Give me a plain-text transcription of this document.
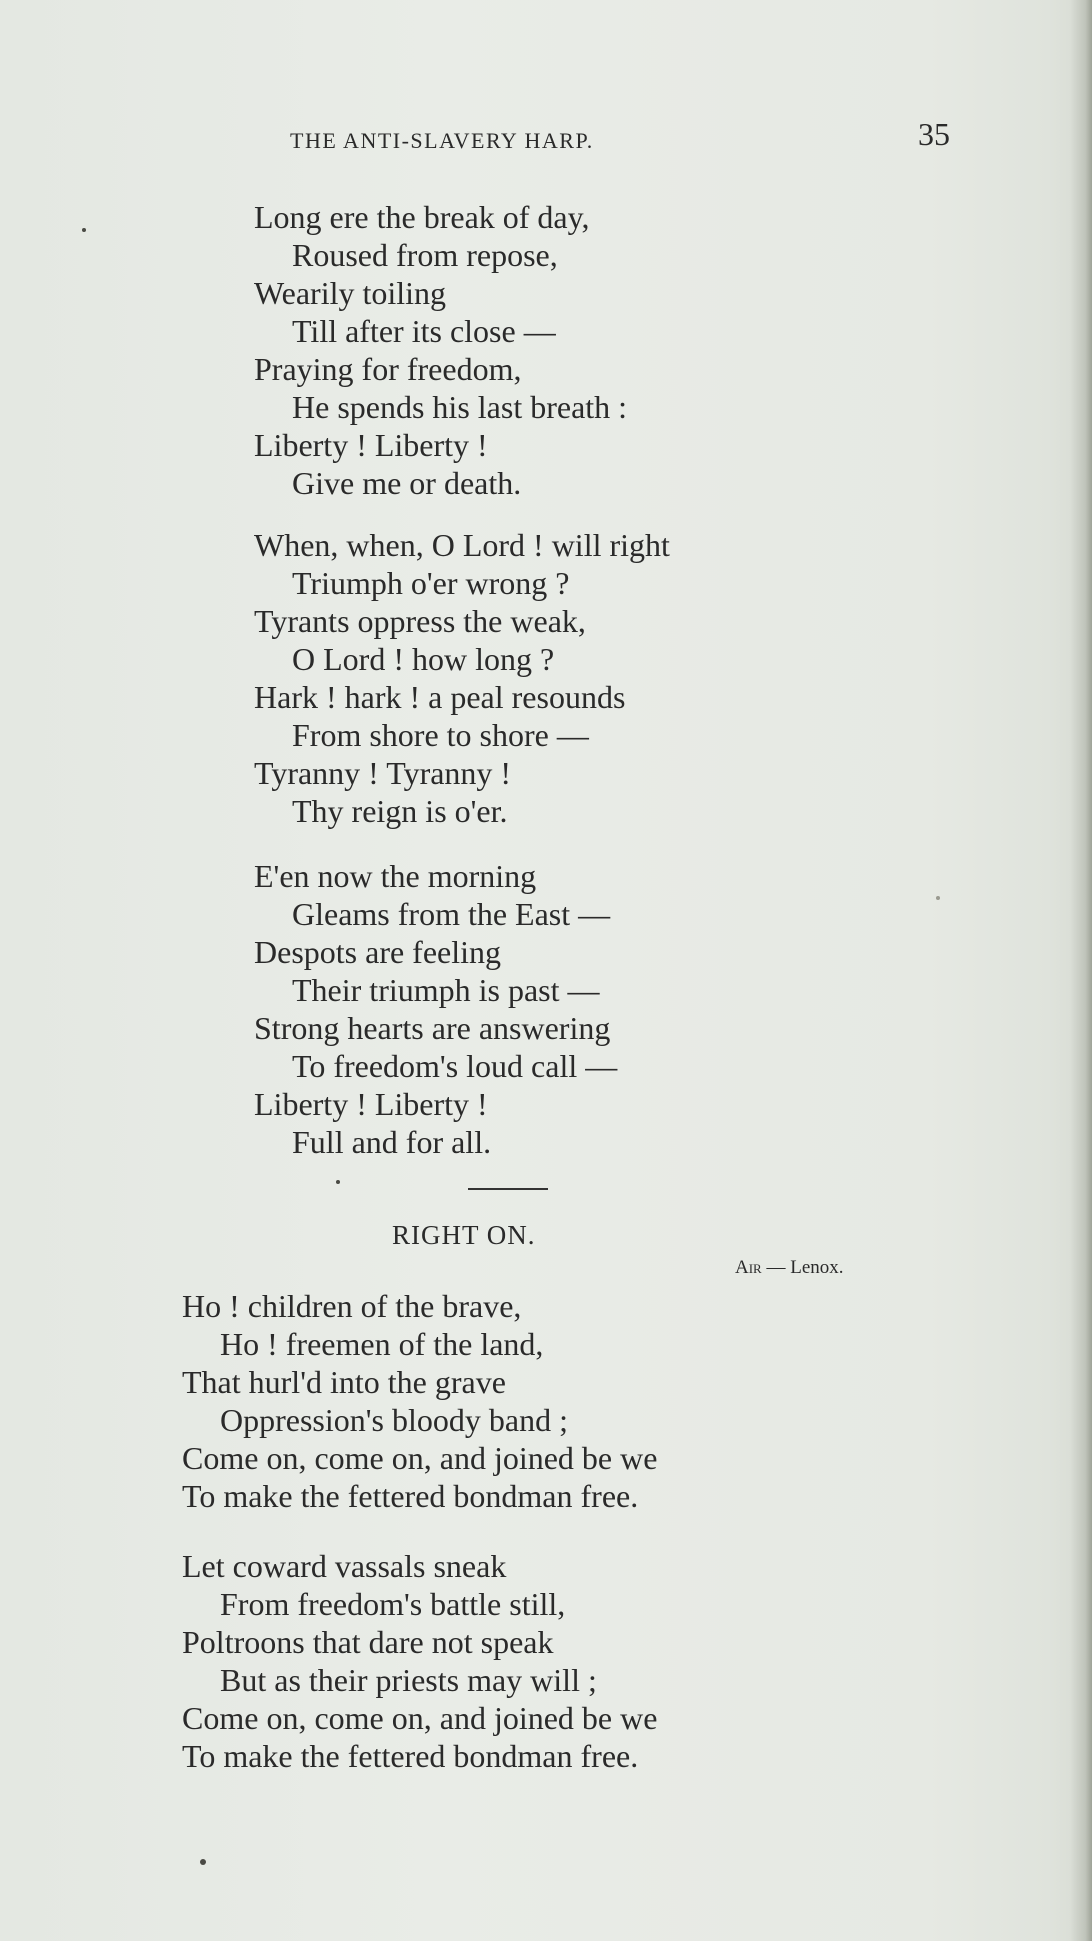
THE ANTI-SLAVERY HARP.	35
Long ere the break of day,
Roused from repose,
Wearily toiling
Till after its close —
Praying for freedom,
He spends his last breath :
Liberty ! Liberty !
Give me or death.
When, when, O Lord ! will right
Triumph o'er wrong ?
Tyrants oppress the weak,
O Lord ! how long ?
Hark ! hark ! a peal resounds
From shore to shore —
Tyranny ! Tyranny !
Thy reign is o'er.
E'en now the morning
Gleams from the East —
Despots are feeling
Their triumph is past —
Strong hearts are answering
To freedom's loud call —
Liberty ! Liberty !
Full and for all.
RIGHT ON.
Air — Lenox.
Ho ! children of the brave,
Ho ! freemen of the land,
That hurl'd into the grave
Oppression's bloody band ;
Come on, come on, and joined be we
To make the fettered bondman free.
Let coward vassals sneak
From freedom's battle still,
Poltroons that dare not speak
But as their priests may will ;
Come on, come on, and joined be we
To make the fettered bondman free.
